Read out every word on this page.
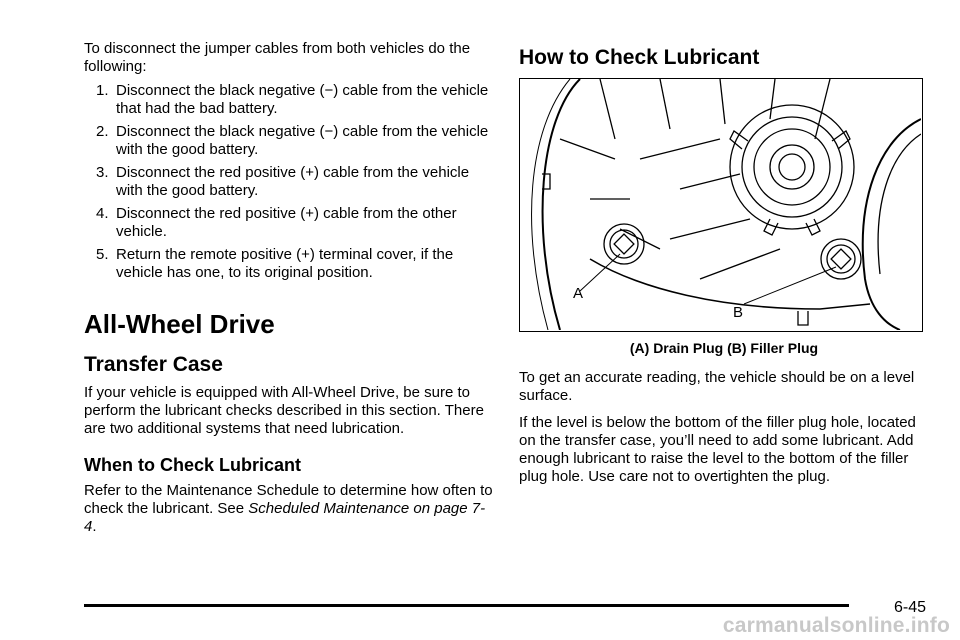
To disconnect the jumper cables from both vehicles do the following:

1. Disconnect the black negative (−) cable from the vehicle that had the bad battery.
2. Disconnect the black negative (−) cable from the vehicle with the good battery.
3. Disconnect the red positive (+) cable from the vehicle with the good battery.
4. Disconnect the red positive (+) cable from the other vehicle.
5. Return the remote positive (+) terminal cover, if the vehicle has one, to its original position.
All-Wheel Drive
Transfer Case

If your vehicle is equipped with All-Wheel Drive, be sure to perform the lubricant checks described in this section. There are two additional systems that need lubrication.

When to Check Lubricant

Refer to the Maintenance Schedule to determine how often to check the lubricant. See Scheduled Maintenance on page 7-4.

How to Check Lubricant
A
B
(A) Drain Plug (B) Filler Plug

To get an accurate reading, the vehicle should be on a level surface.

If the level is below the bottom of the filler plug hole, located on the transfer case, you’ll need to add some lubricant. Add enough lubricant to raise the level to the bottom of the filler plug hole. Use care not to overtighten the plug.

6-45
carmanualsonline.info
